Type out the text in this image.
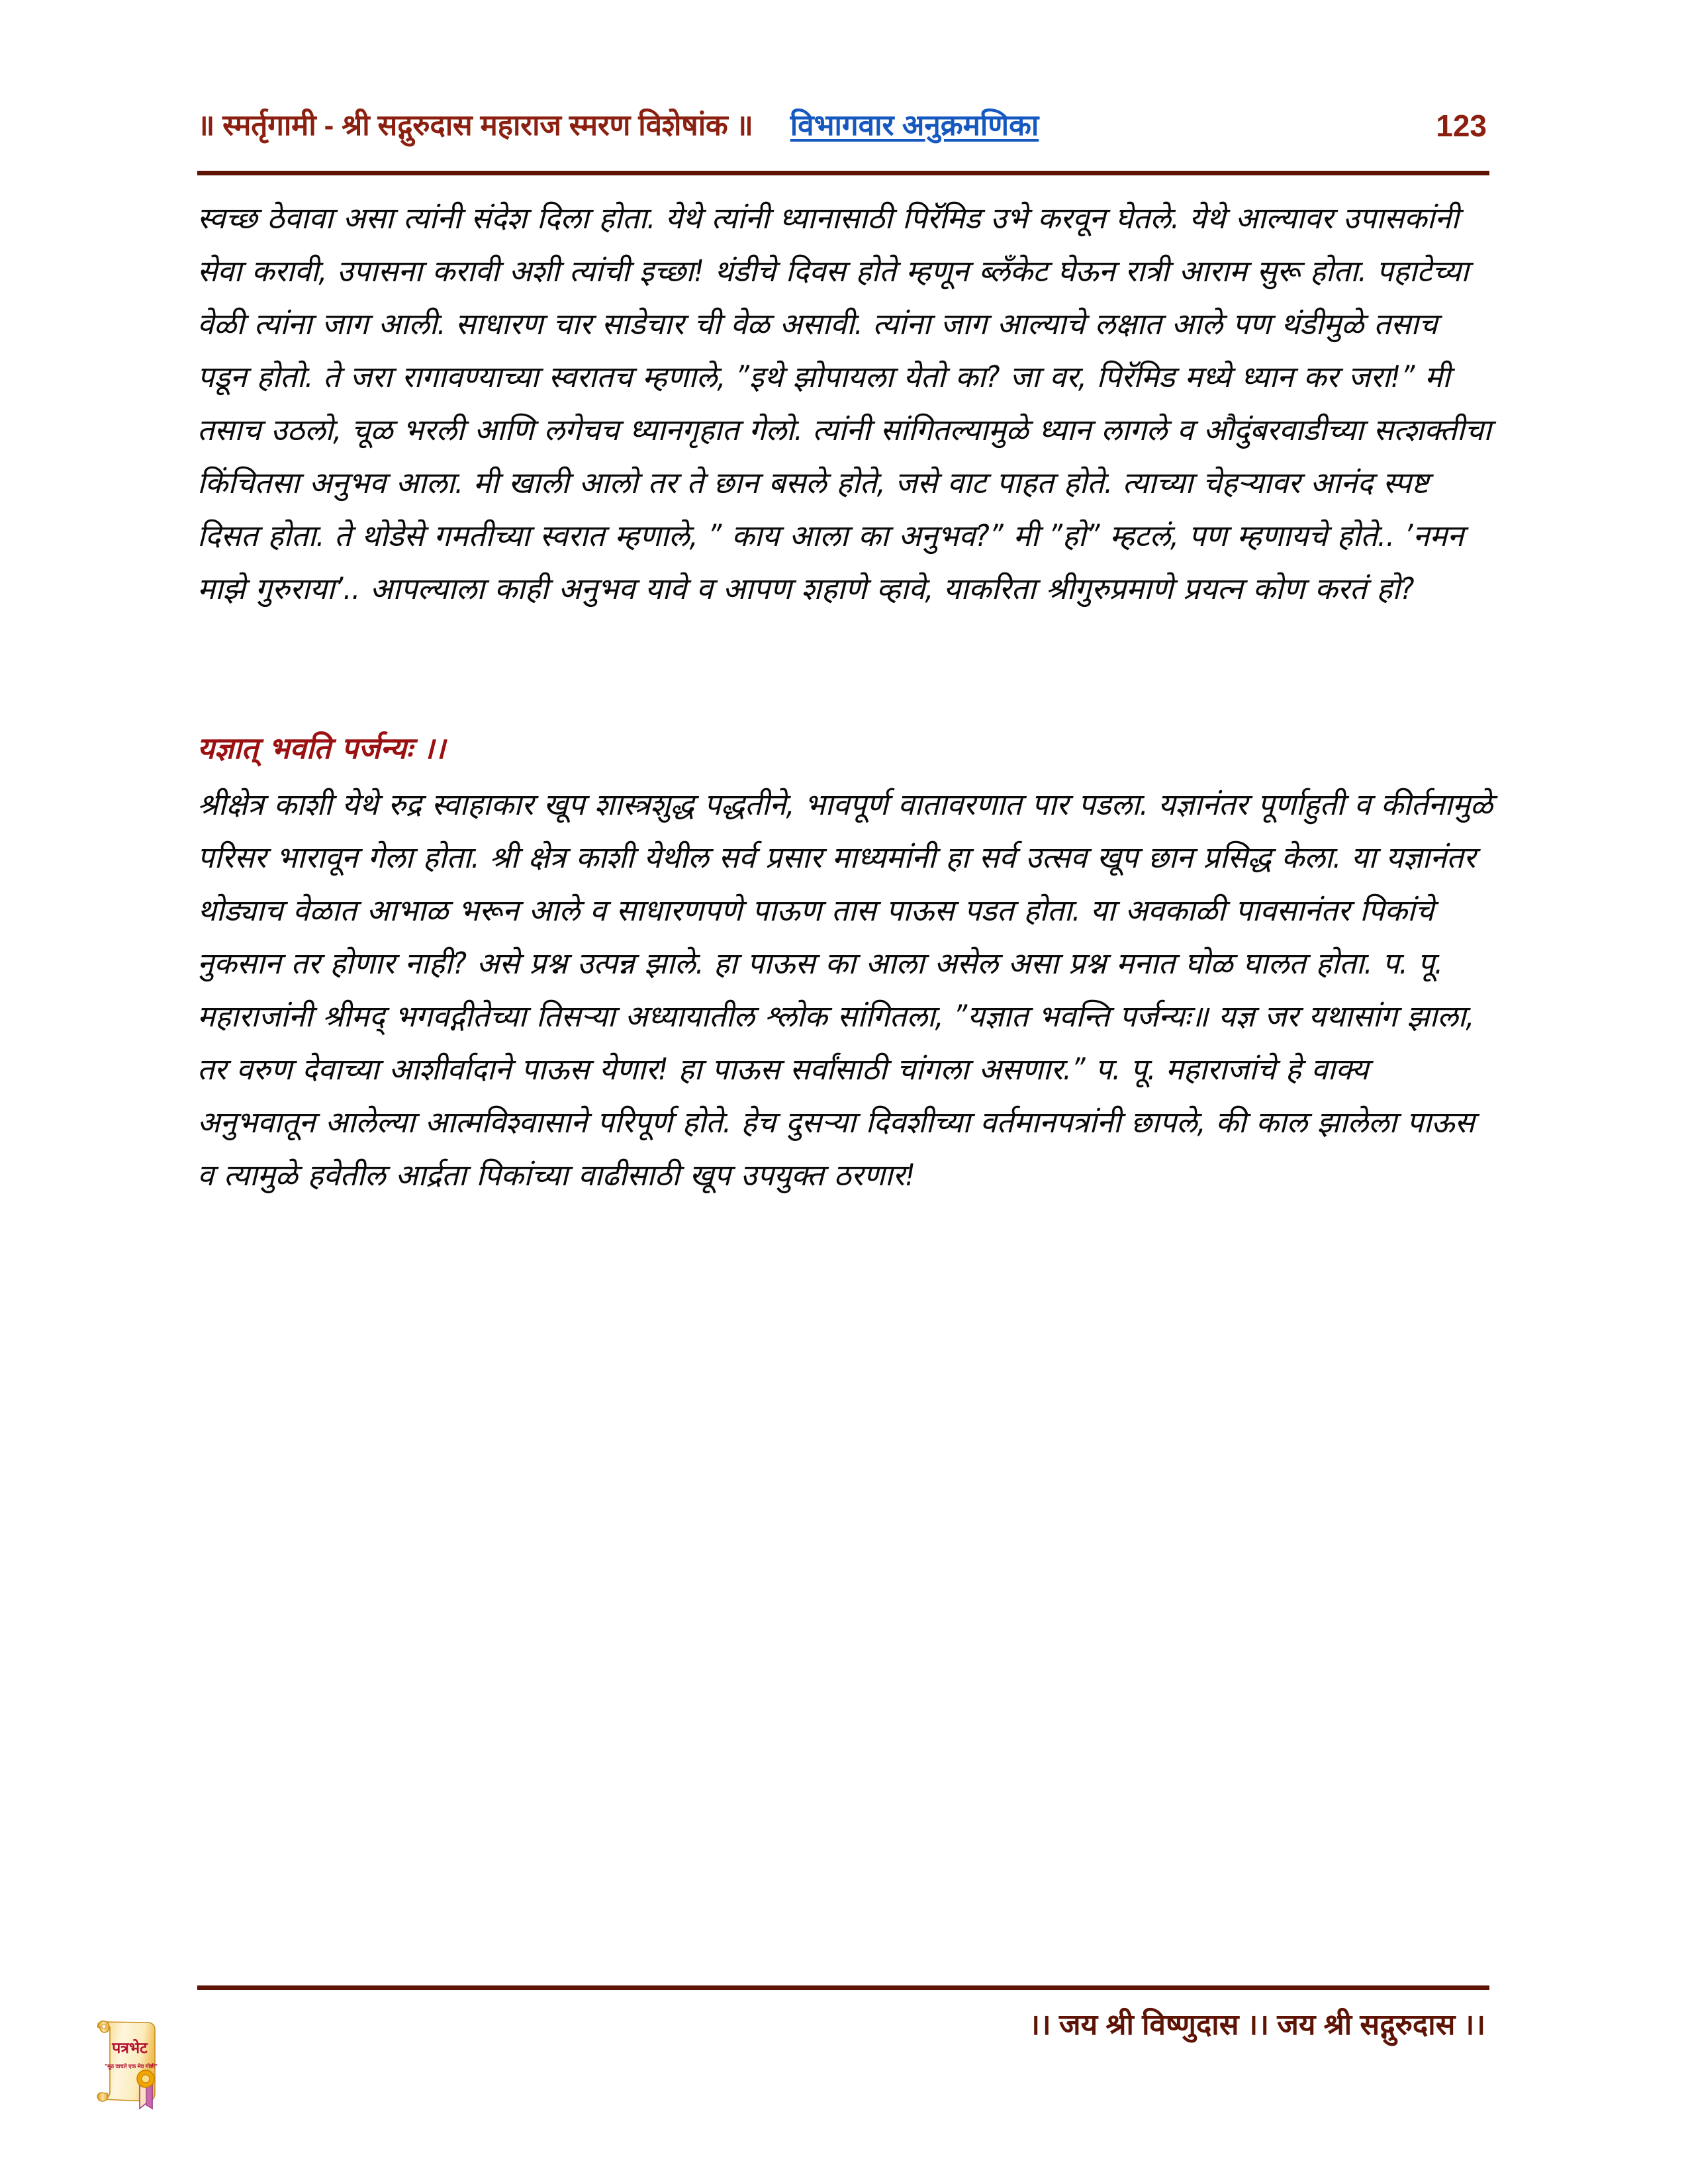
॥ स्मर्तृगामी - श्री सद्गुरुदास महाराज स्मरण विशेषांक ॥ विभागवार अनुक्रमणिका	123

स्वच्छ ठेवावा असा त्यांनी संदेश दिला होता. येथे त्यांनी ध्यानासाठी पिरॅमिड उभे करवून घेतले. येथे आल्यावर उपासकांनी सेवा करावी, उपासना करावी अशी त्यांची इच्छा! थंडीचे दिवस होते म्हणून ब्लॅंकेट घेऊन रात्री आराम सुरू होता. पहाटेच्या वेळी त्यांना जाग आली. साधारण चार साडेचार ची वेळ असावी. त्यांना जाग आल्याचे लक्षात आले पण थंडीमुळे तसाच पडून होतो. ते जरा रागावण्याच्या स्वरातच म्हणाले, ”इथे झोपायला येतो का? जा वर, पिरॅमिड मध्ये ध्यान कर जरा!” मी तसाच उठलो, चूळ भरली आणि लगेचच ध्यानगृहात गेलो. त्यांनी सांगितल्यामुळे ध्यान लागले व औदुंबरवाडीच्या सत्शक्तीचा किंचितसा अनुभव आला. मी खाली आलो तर ते छान बसले होते, जसे वाट पाहत होते. त्याच्या चेहऱ्यावर आनंद स्पष्ट दिसत होता. ते थोडेसे गमतीच्या स्वरात म्हणाले, ” काय आला का अनुभव?” मी ”हो” म्हटलं, पण म्हणायचे होते.. ’नमन माझे गुरुराया’.. आपल्याला काही अनुभव यावे व आपण शहाणे व्हावे, याकरिता श्रीगुरुप्रमाणे प्रयत्न कोण करतं हो?

यज्ञात् भवति पर्जन्यः ।।

श्रीक्षेत्र काशी येथे रुद्र स्वाहाकार खूप शास्त्रशुद्ध पद्धतीने, भावपूर्ण वातावरणात पार पडला. यज्ञानंतर पूर्णाहुती व कीर्तनामुळे परिसर भारावून गेला होता. श्री क्षेत्र काशी येथील सर्व प्रसार माध्यमांनी हा सर्व उत्सव खूप छान प्रसिद्ध केला. या यज्ञानंतर थोड्याच वेळात आभाळ भरून आले व साधारणपणे पाऊण तास पाऊस पडत होता. या अवकाळी पावसानंतर पिकांचे नुकसान तर होणार नाही? असे प्रश्न उत्पन्न झाले. हा पाऊस का आला असेल असा प्रश्न मनात घोळ घालत होता. प. पू. महाराजांनी श्रीमद् भगवद्गीतेच्या तिसऱ्या अध्यायातील श्लोक सांगितला, ”यज्ञात भवन्ति पर्जन्यः॥ यज्ञ जर यथासांग झाला, तर वरुण देवाच्या आशीर्वादाने पाऊस येणार! हा पाऊस सर्वांसाठी चांगला असणार.” प. पू. महाराजांचे हे वाक्य अनुभवातून आलेल्या आत्मविश्वासाने परिपूर्ण होते. हेच दुसऱ्या दिवशीच्या वर्तमानपत्रांनी छापले, की काल झालेला पाऊस व त्यामुळे हवेतील आर्द्रता पिकांच्या वाढीसाठी खूप उपयुक्त ठरणार!

।। जय श्री विष्णुदास ।। जय श्री सद्गुरुदास ।।
पत्रभेट
"मूठ वाचते एक मेव गोष्टी"
